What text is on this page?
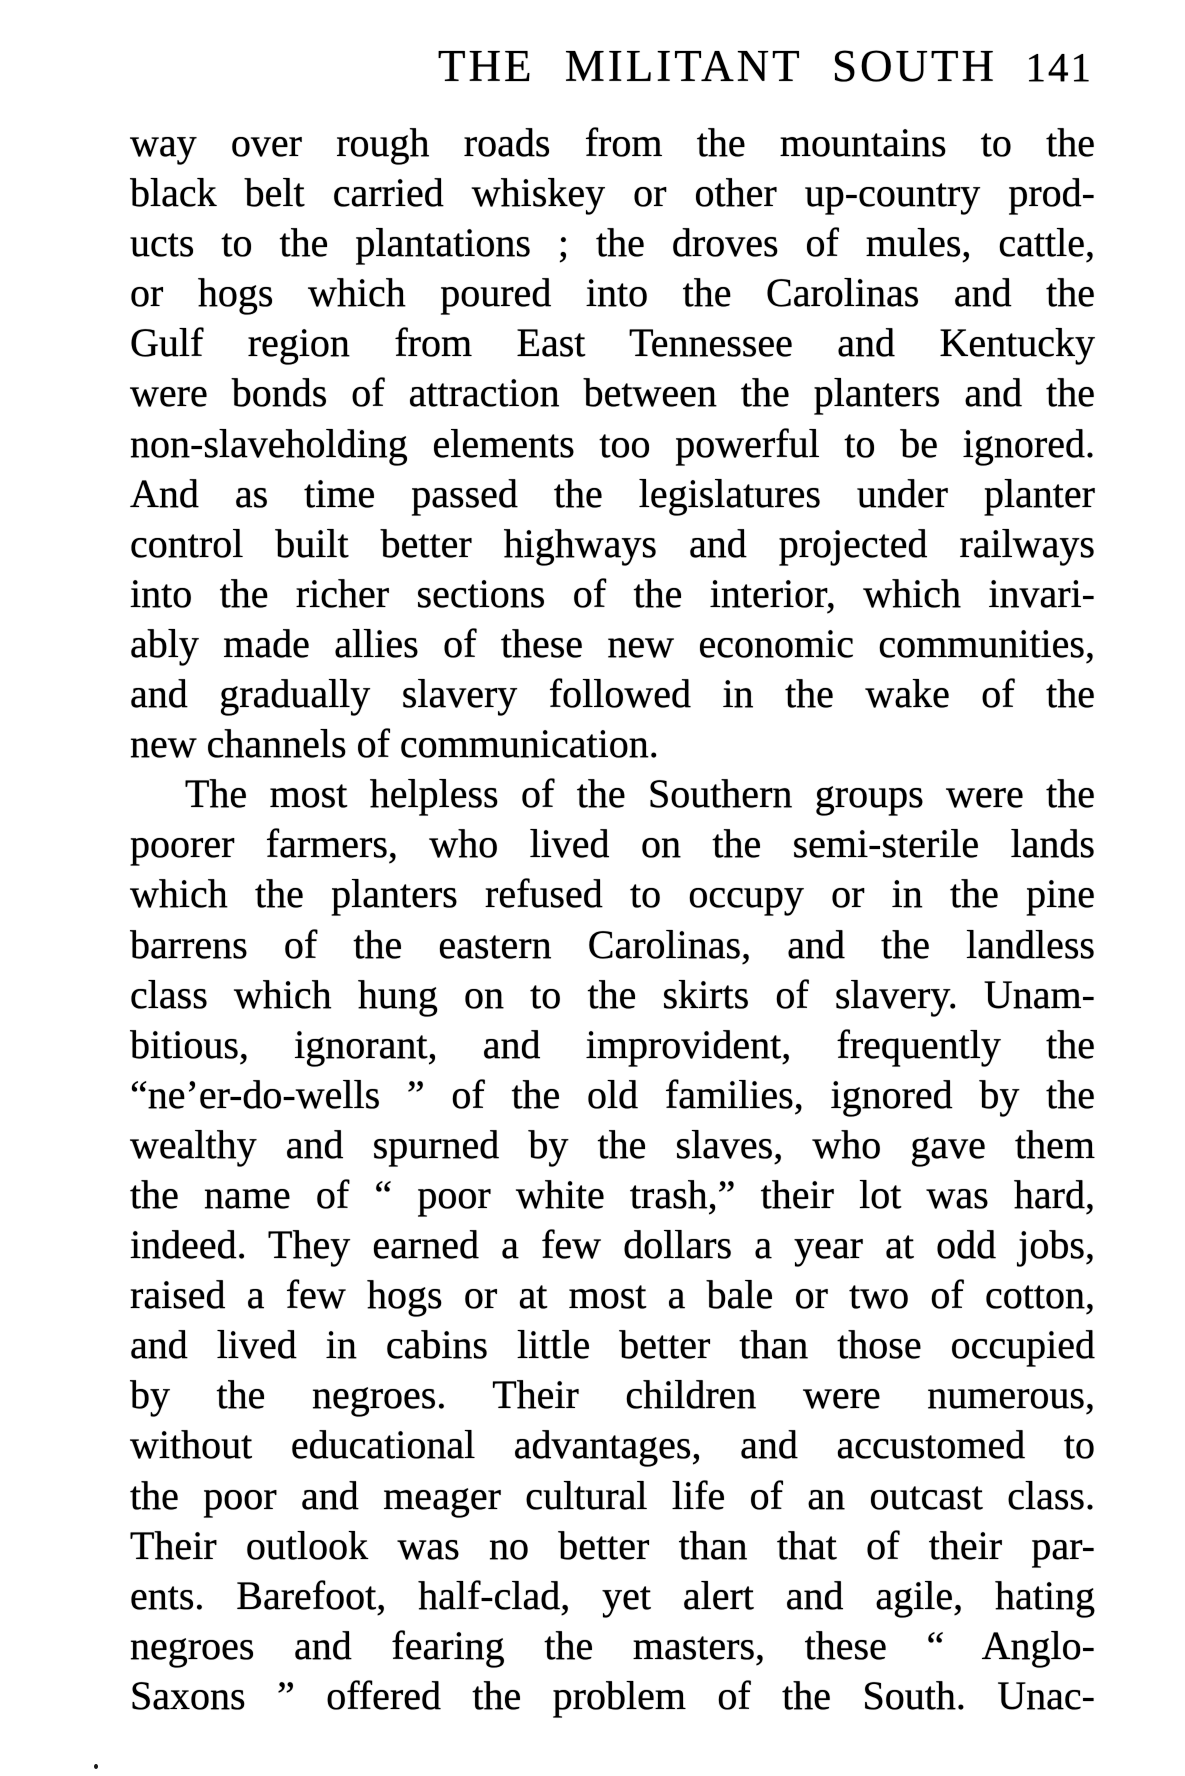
THE MILITANT SOUTH 141
way over rough roads from the mountains to the
black belt carried whiskey or other up-country prod-
ucts to the plantations ; the droves of mules, cattle,
or hogs which poured into the Carolinas and the
Gulf region from East Tennessee and Kentucky
were bonds of attraction between the planters and the
non-slaveholding elements too powerful to be ignored.
And as time passed the legislatures under planter
control built better highways and projected railways
into the richer sections of the interior, which invari-
ably made allies of these new economic communities,
and gradually slavery followed in the wake of the
new channels of communication.
The most helpless of the Southern groups were the
poorer farmers, who lived on the semi-sterile lands
which the planters refused to occupy or in the pine
barrens of the eastern Carolinas, and the landless
class which hung on to the skirts of slavery. Unam-
bitious, ignorant, and improvident, frequently the
“ne’er-do-wells ” of the old families, ignored by the
wealthy and spurned by the slaves, who gave them
the name of “ poor white trash,” their lot was hard,
indeed. They earned a few dollars a year at odd jobs,
raised a few hogs or at most a bale or two of cotton,
and lived in cabins little better than those occupied
by the negroes. Their children were numerous,
without educational advantages, and accustomed to
the poor and meager cultural life of an outcast class.
Their outlook was no better than that of their par-
ents. Barefoot, half-clad, yet alert and agile, hating
negroes and fearing the masters, these “ Anglo-
Saxons ” offered the problem of the South. Unac-
